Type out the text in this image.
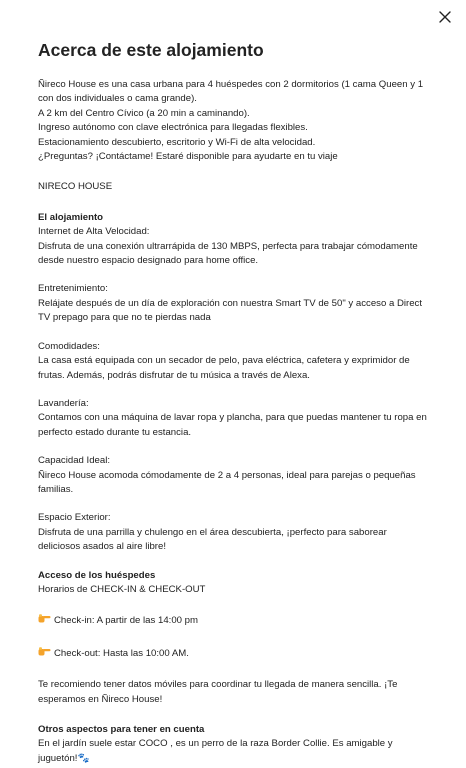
Acerca de este alojamiento
Ñireco House es una casa urbana para 4 huéspedes con 2 dormitorios (1 cama Queen y 1 con dos individuales o cama grande).
A 2 km del Centro Cívico (a 20 min a caminando).
Ingreso autónomo con clave electrónica para llegadas flexibles.
Estacionamiento descubierto, escritorio y Wi-Fi de alta velocidad.
¿Preguntas? ¡Contáctame! Estaré disponible para ayudarte en tu viaje
NIRECO HOUSE
El alojamiento
Internet de Alta Velocidad:
Disfruta de una conexión ultrarrápida de 130 MBPS, perfecta para trabajar cómodamente desde nuestro espacio designado para home office.
Entretenimiento:
Relájate después de un día de exploración con nuestra Smart TV de 50" y acceso a Direct TV prepago para que no te pierdas nada
Comodidades:
La casa está equipada con un secador de pelo, pava eléctrica, cafetera y exprimidor de frutas. Además, podrás disfrutar de tu música a través de Alexa.
Lavandería:
Contamos con una máquina de lavar ropa y plancha, para que puedas mantener tu ropa en perfecto estado durante tu estancia.
Capacidad Ideal:
Ñireco House acomoda cómodamente de 2 a 4 personas, ideal para parejas o pequeñas familias.
Espacio Exterior:
Disfruta de una parrilla y chulengo en el área descubierta, ¡perfecto para saborear deliciosos asados al aire libre!
Acceso de los huéspedes
Horarios de CHECK-IN & CHECK-OUT
Check-in: A partir de las 14:00 pm
Check-out: Hasta las 10:00 AM.
Te recomiendo tener datos móviles para coordinar tu llegada de manera sencilla. ¡Te esperamos en Ñireco House!
Otros aspectos para tener en cuenta
En el jardín suele estar COCO , es un perro de la raza Border Collie. Es amigable y juguetón!🐾
